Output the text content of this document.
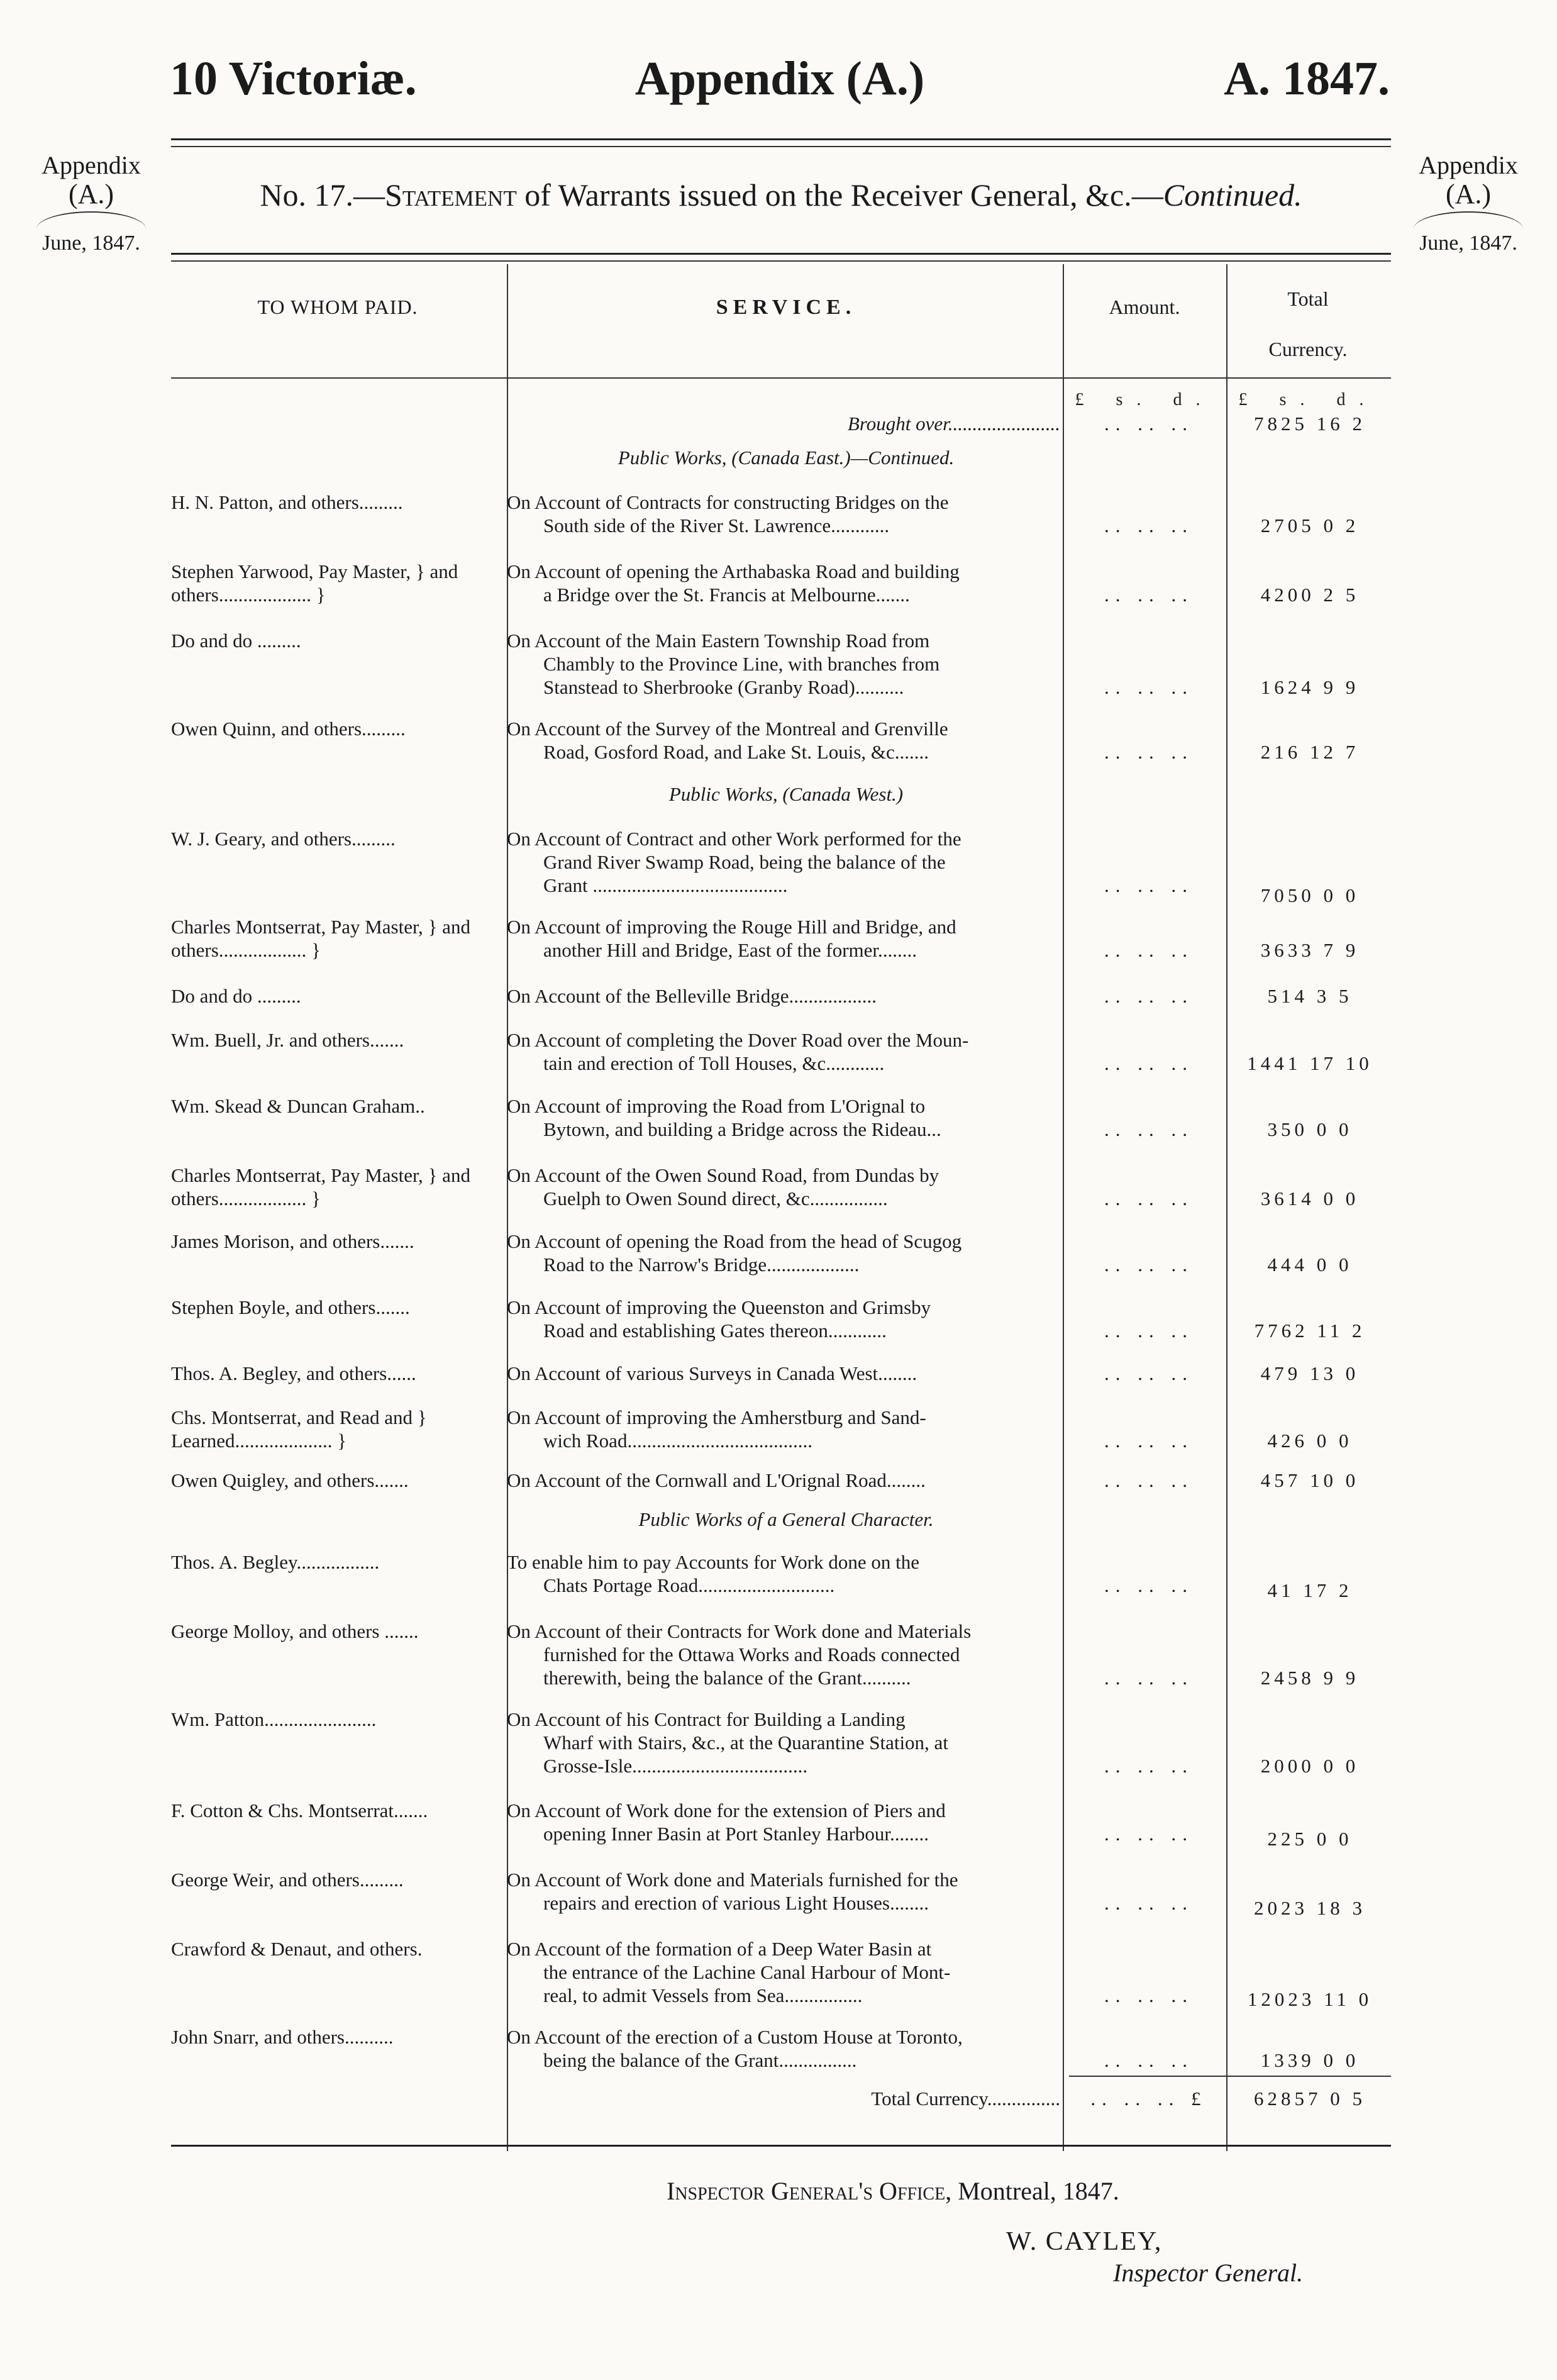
10 Victoriæ.	Appendix (A.)	A. 1847.
Appendix
(A.)
June, 1847.
Appendix
(A.)
June, 1847.
No. 17.—Statement of Warrants issued on the Receiver General, &c.—Continued.
TO WHOM PAID.	SERVICE.	Amount.	Total
Currency.
£ s. d.	£ s. d.
Brought over.......................	.. .. ..	7825 16 2
Public Works, (Canada East.)—Continued.
H. N. Patton, and others.........	On Account of Contracts for constructing Bridges on the
South side of the River St. Lawrence............	.. .. ..	2705 0 2
Stephen Yarwood, Pay Master, } and others................... }
On Account of opening the Arthabaska Road and building
a Bridge over the St. Francis at Melbourne.......	.. .. ..	4200 2 5
Do and do .........	On Account of the Main Eastern Township Road from
Chambly to the Province Line, with branches from
Stanstead to Sherbrooke (Granby Road)..........	.. .. ..	1624 9 9
Owen Quinn, and others.........	On Account of the Survey of the Montreal and Grenville
Road, Gosford Road, and Lake St. Louis, &c.......	.. .. ..	216 12 7
Public Works, (Canada West.)
W. J. Geary, and others.........	On Account of Contract and other Work performed for the
Grand River Swamp Road, being the balance of the
Grant ........................................	.. .. ..	7050 0 0
Charles Montserrat, Pay Master, } and others.................. }
On Account of improving the Rouge Hill and Bridge, and
another Hill and Bridge, East of the former........	.. .. ..	3633 7 9
Do and do .........	On Account of the Belleville Bridge..................	.. .. ..	514 3 5
Wm. Buell, Jr. and others.......	On Account of completing the Dover Road over the Moun-
tain and erection of Toll Houses, &c............	.. .. ..	1441 17 10
Wm. Skead & Duncan Graham..	On Account of improving the Road from L'Orignal to
Bytown, and building a Bridge across the Rideau...	.. .. ..	350 0 0
Charles Montserrat, Pay Master, } and others.................. }
On Account of the Owen Sound Road, from Dundas by
Guelph to Owen Sound direct, &c................	.. .. ..	3614 0 0
James Morison, and others.......	On Account of opening the Road from the head of Scugog
Road to the Narrow's Bridge...................	.. .. ..	444 0 0
Stephen Boyle, and others.......	On Account of improving the Queenston and Grimsby
Road and establishing Gates thereon............	.. .. ..	7762 11 2
Thos. A. Begley, and others......	On Account of various Surveys in Canada West........	.. .. ..	479 13 0
Chs. Montserrat, and Read and } Learned.................... }
On Account of improving the Amherstburg and Sand-
wich Road......................................	.. .. ..	426 0 0
Owen Quigley, and others.......	On Account of the Cornwall and L'Orignal Road........	.. .. ..	457 10 0
Public Works of a General Character.
Thos. A. Begley.................	To enable him to pay Accounts for Work done on the
Chats Portage Road............................	.. .. ..	41 17 2
George Molloy, and others .......	On Account of their Contracts for Work done and Materials
furnished for the Ottawa Works and Roads connected
therewith, being the balance of the Grant..........	.. .. ..	2458 9 9
Wm. Patton.......................	On Account of his Contract for Building a Landing
Wharf with Stairs, &c., at the Quarantine Station, at
Grosse-Isle....................................	.. .. ..	2000 0 0
F. Cotton & Chs. Montserrat.......	On Account of Work done for the extension of Piers and
opening Inner Basin at Port Stanley Harbour........	.. .. ..	225 0 0
George Weir, and others.........	On Account of Work done and Materials furnished for the
repairs and erection of various Light Houses........	.. .. ..	2023 18 3
Crawford & Denaut, and others.	On Account of the formation of a Deep Water Basin at
the entrance of the Lachine Canal Harbour of Mont-
real, to admit Vessels from Sea................	.. .. ..	12023 11 0
John Snarr, and others..........	On Account of the erection of a Custom House at Toronto,
being the balance of the Grant................	.. .. ..	1339 0 0
Total Currency...............	.. .. .. £	62857 0 5
Inspector General's Office, Montreal, 1847.
W. CAYLEY,
Inspector General.
